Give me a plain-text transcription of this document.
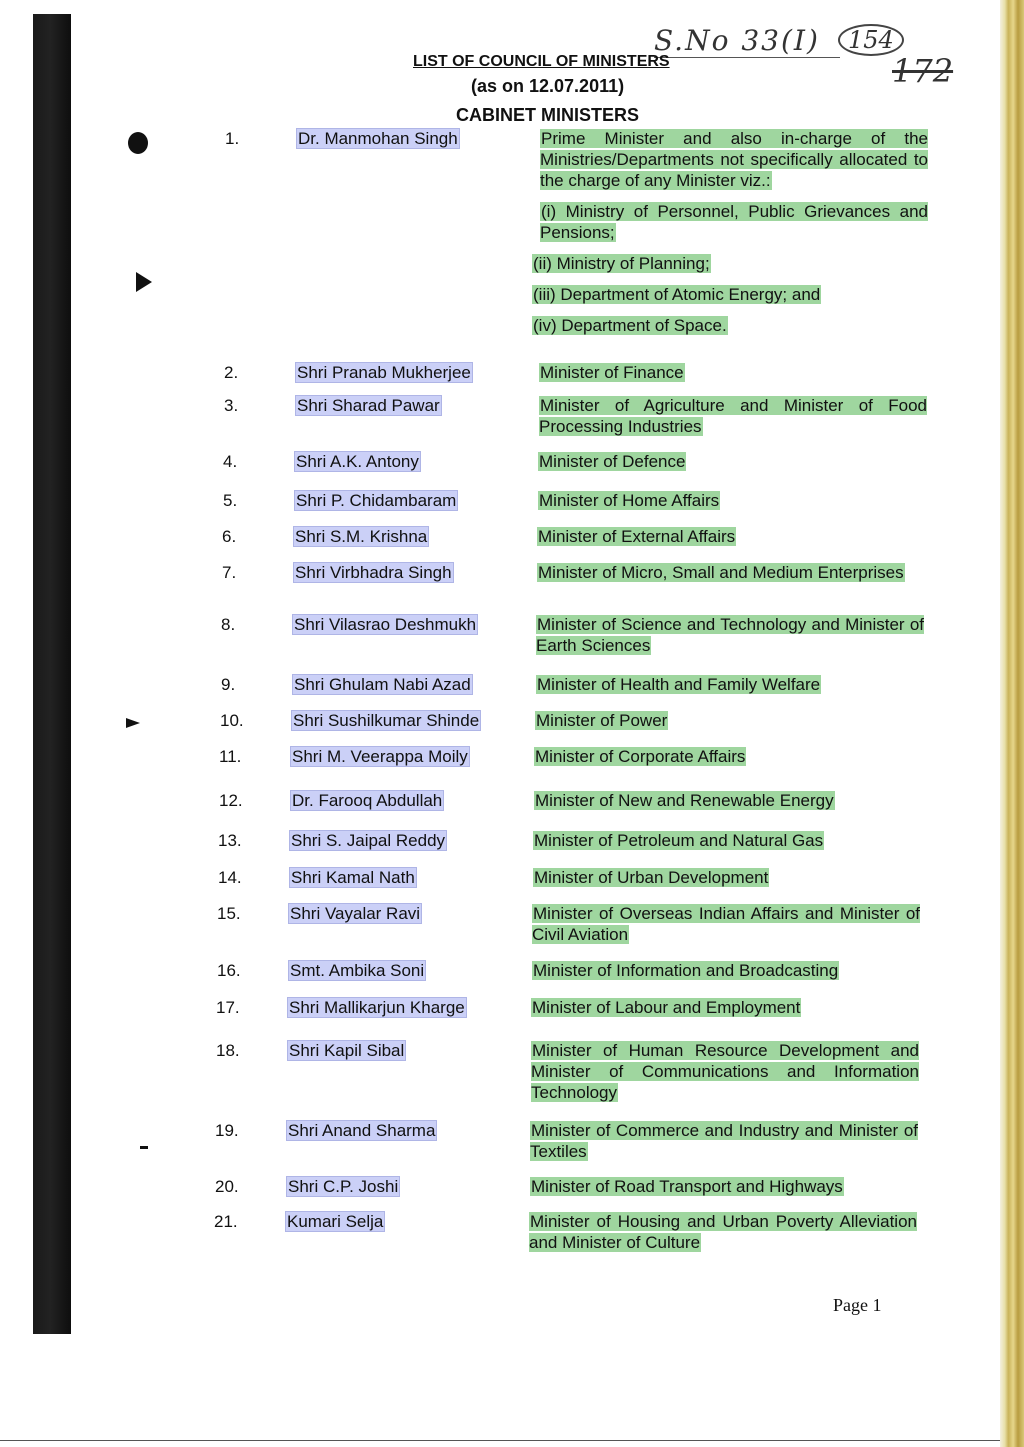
S.No 33(I)	154
172
LIST OF COUNCIL OF MINISTERS
(as on 12.07.2011)
CABINET MINISTERS
1.	Dr. Manmohan Singh	Prime Minister and also in-charge of the Ministries/Departments not specifically allocated to the charge of any Minister viz.:
(i) Ministry of Personnel, Public Grievances and Pensions;
(ii) Ministry of Planning;
(iii) Department of Atomic Energy; and
(iv) Department of Space.
2.	Shri Pranab Mukherjee	Minister of Finance
3.	Shri Sharad Pawar	Minister of Agriculture and Minister of Food Processing Industries
4.	Shri A.K. Antony	Minister of Defence
5.	Shri P. Chidambaram	Minister of Home Affairs
6.	Shri S.M. Krishna	Minister of External Affairs
7.	Shri Virbhadra Singh	Minister of Micro, Small and Medium Enterprises
8.	Shri Vilasrao Deshmukh	Minister of Science and Technology and Minister of Earth Sciences
9.	Shri Ghulam Nabi Azad	Minister of Health and Family Welfare
10.	Shri Sushilkumar Shinde	Minister of Power
11.	Shri M. Veerappa Moily	Minister of Corporate Affairs
12.	Dr. Farooq Abdullah	Minister of New and Renewable Energy
13.	Shri S. Jaipal Reddy	Minister of Petroleum and Natural Gas
14.	Shri Kamal Nath	Minister of Urban Development
15.	Shri Vayalar Ravi	Minister of Overseas Indian Affairs and Minister of Civil Aviation
16.	Smt. Ambika Soni	Minister of Information and Broadcasting
17.	Shri Mallikarjun Kharge	Minister of Labour and Employment
18.	Shri Kapil Sibal	Minister of Human Resource Development and Minister of Communications and Information Technology
19.	Shri Anand Sharma	Minister of Commerce and Industry and Minister of Textiles
20.	Shri C.P. Joshi	Minister of Road Transport and Highways
21.	Kumari Selja	Minister of Housing and Urban Poverty Alleviation and Minister of Culture
Page 1
